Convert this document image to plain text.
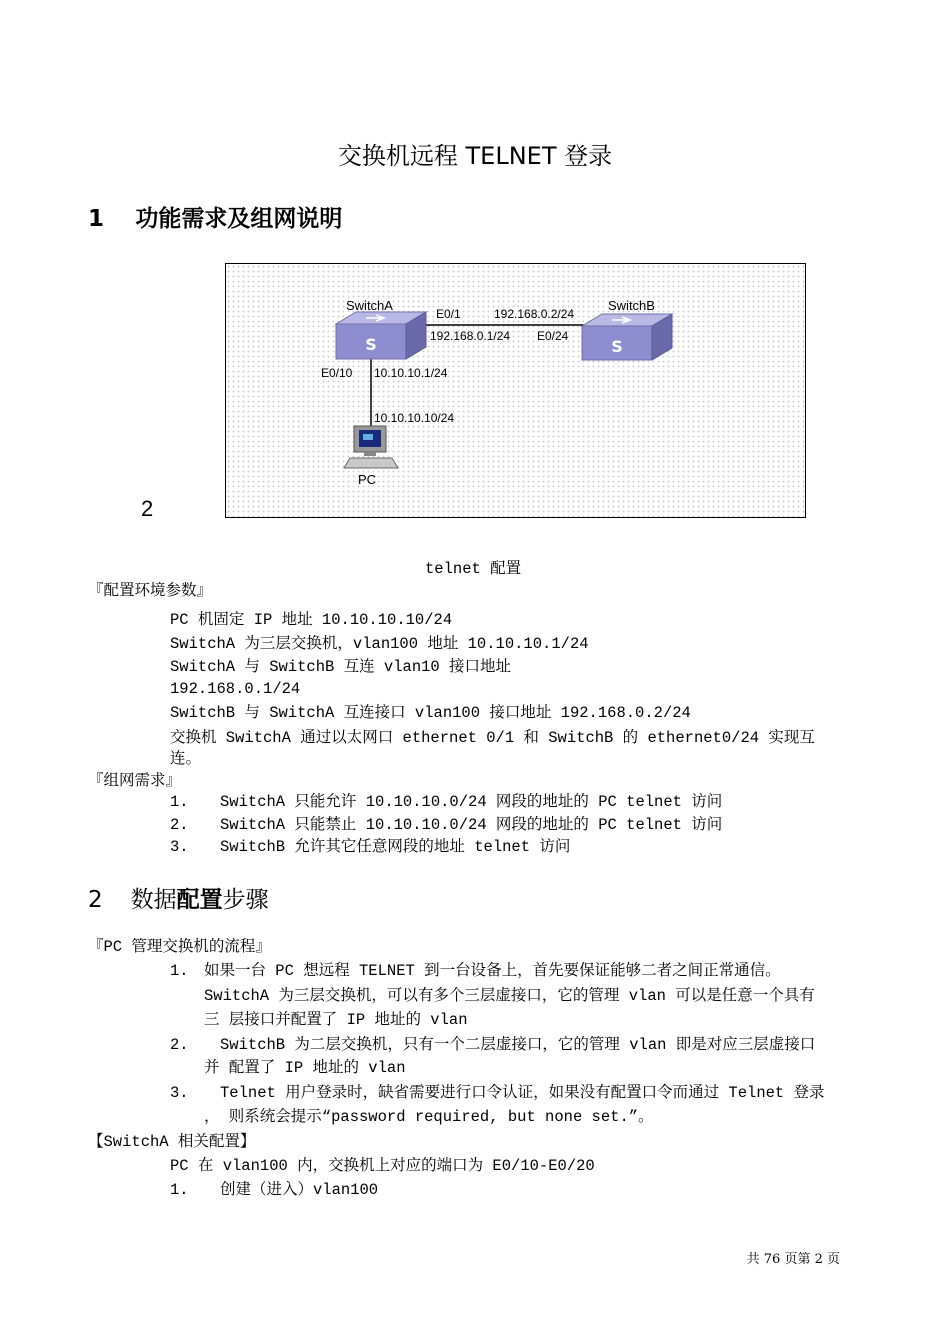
交换机远程 TELNET 登录
1 功能需求及组网说明
S	S
SwitchA	SwitchB
E0/1	192.168.0.2/24
192.168.0.1/24 E0/24
E0/10 10.10.10.1/24
10.10.10.10/24
PC
2
telnet 配置
『配置环境参数』
PC 机固定 IP 地址 10.10.10.10/24
SwitchA 为三层交换机，vlan100 地址 10.10.10.1/24
SwitchA 与 SwitchB 互连 vlan10 接口地址
192.168.0.1/24
SwitchB 与 SwitchA 互连接口 vlan100 接口地址 192.168.0.2/24
交换机 SwitchA 通过以太网口 ethernet 0/1 和 SwitchB 的 ethernet0/24 实现互
连。
『组网需求』
1. SwitchA 只能允许 10.10.10.0/24 网段的地址的 PC telnet 访问
2. SwitchA 只能禁止 10.10.10.0/24 网段的地址的 PC telnet 访问
3. SwitchB 允许其它任意网段的地址 telnet 访问
2 数据配置步骤
『PC 管理交换机的流程』
1. 如果一台 PC 想远程 TELNET 到一台设备上，首先要保证能够二者之间正常通信。
SwitchA 为三层交换机，可以有多个三层虚接口，它的管理 vlan 可以是任意一个具有
三 层接口并配置了 IP 地址的 vlan
2. SwitchB 为二层交换机，只有一个二层虚接口，它的管理 vlan 即是对应三层虚接口
并 配置了 IP 地址的 vlan
3. Telnet 用户登录时，缺省需要进行口令认证，如果没有配置口令而通过 Telnet 登录
， 则系统会提示“password required, but none set.”。
【SwitchA 相关配置】
PC 在 vlan100 内，交换机上对应的端口为 E0/10-E0/20
1. 创建（进入）vlan100
共 76 页第 2 页
